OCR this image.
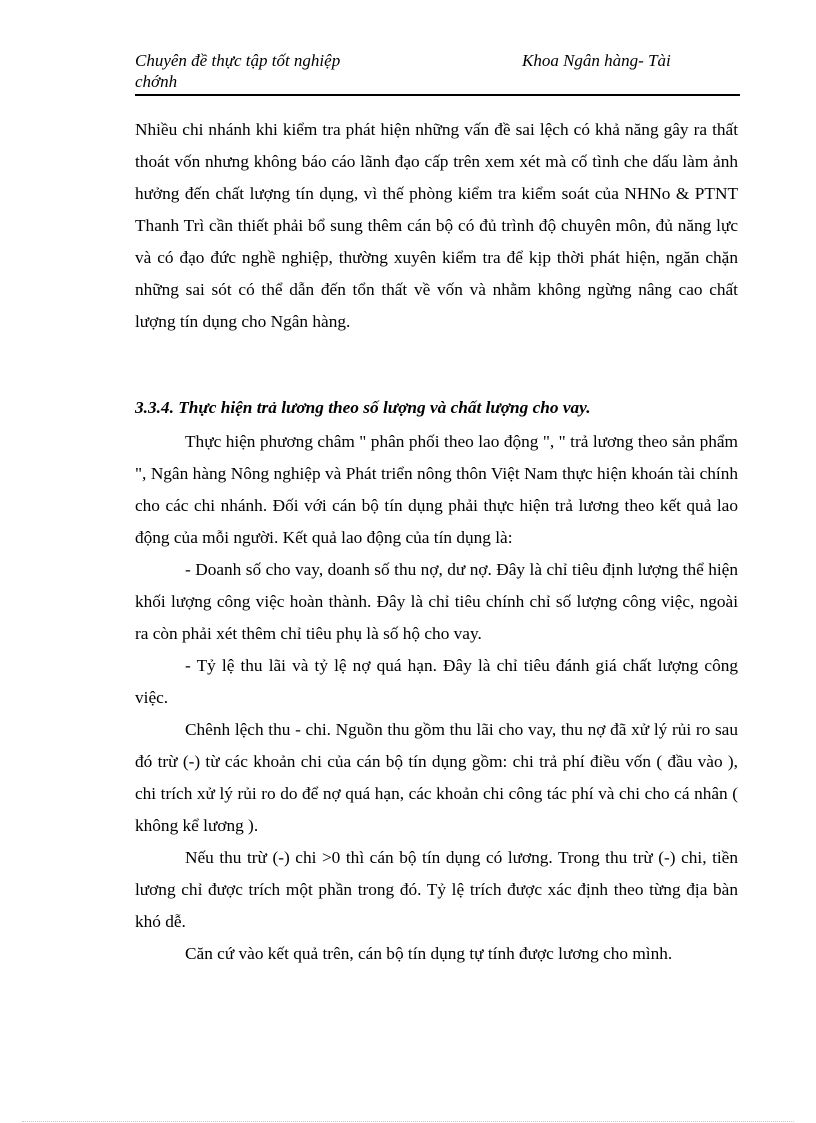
Chuyên đề thực tập tốt nghiệp	Khoa Ngân hàng- Tài
chớnh

Nhiều chi nhánh khi kiểm tra phát hiện những vấn đề sai lệch có khả năng gây ra thất thoát vốn nhưng không báo cáo lãnh đạo cấp trên xem xét mà cố tình che dấu làm ảnh hưởng đến chất lượng tín dụng, vì thế phòng kiểm tra kiểm soát của NHNo & PTNT Thanh Trì cần thiết phải bổ sung thêm cán bộ có đủ trình độ chuyên môn, đủ năng lực và có đạo đức nghề nghiệp, thường xuyên kiểm tra để kịp thời phát hiện, ngăn chặn những sai sót có thể dẫn đến tổn thất về vốn và nhằm không ngừng nâng cao chất lượng tín dụng cho Ngân hàng.

3.3.4. Thực hiện trả lương theo số lượng và chất lượng cho vay.

Thực hiện phương châm " phân phối theo lao động ", " trả lương theo sản phẩm ", Ngân hàng Nông nghiệp và Phát triển nông thôn Việt Nam thực hiện khoán tài chính cho các chi nhánh. Đối với cán bộ tín dụng phải thực hiện trả lương theo kết quả lao động của mỗi người. Kết quả lao động của tín dụng là:

- Doanh số cho vay, doanh số thu nợ, dư nợ. Đây là chỉ tiêu định lượng thể hiện khối lượng công việc hoàn thành. Đây là chỉ tiêu chính chỉ số lượng công việc, ngoài ra còn phải xét thêm chỉ tiêu phụ là số hộ cho vay.

- Tỷ lệ thu lãi và tỷ lệ nợ quá hạn. Đây là chỉ tiêu đánh giá chất lượng công việc.

Chênh lệch thu - chi. Nguồn thu gồm thu lãi cho vay, thu nợ đã xử lý rủi ro sau đó trừ (-) từ các khoản chi của cán bộ tín dụng gồm: chi trả phí điều vốn ( đầu vào ), chi trích xử lý rủi ro do để nợ quá hạn, các khoản chi công tác phí và chi cho cá nhân ( không kể lương ).

Nếu thu trừ (-) chi >0 thì cán bộ tín dụng có lương. Trong thu trừ (-) chi, tiền lương chỉ được trích một phần trong đó. Tỷ lệ trích được xác định theo từng địa bàn khó dễ.

Căn cứ vào kết quả trên, cán bộ tín dụng tự tính được lương cho mình.
